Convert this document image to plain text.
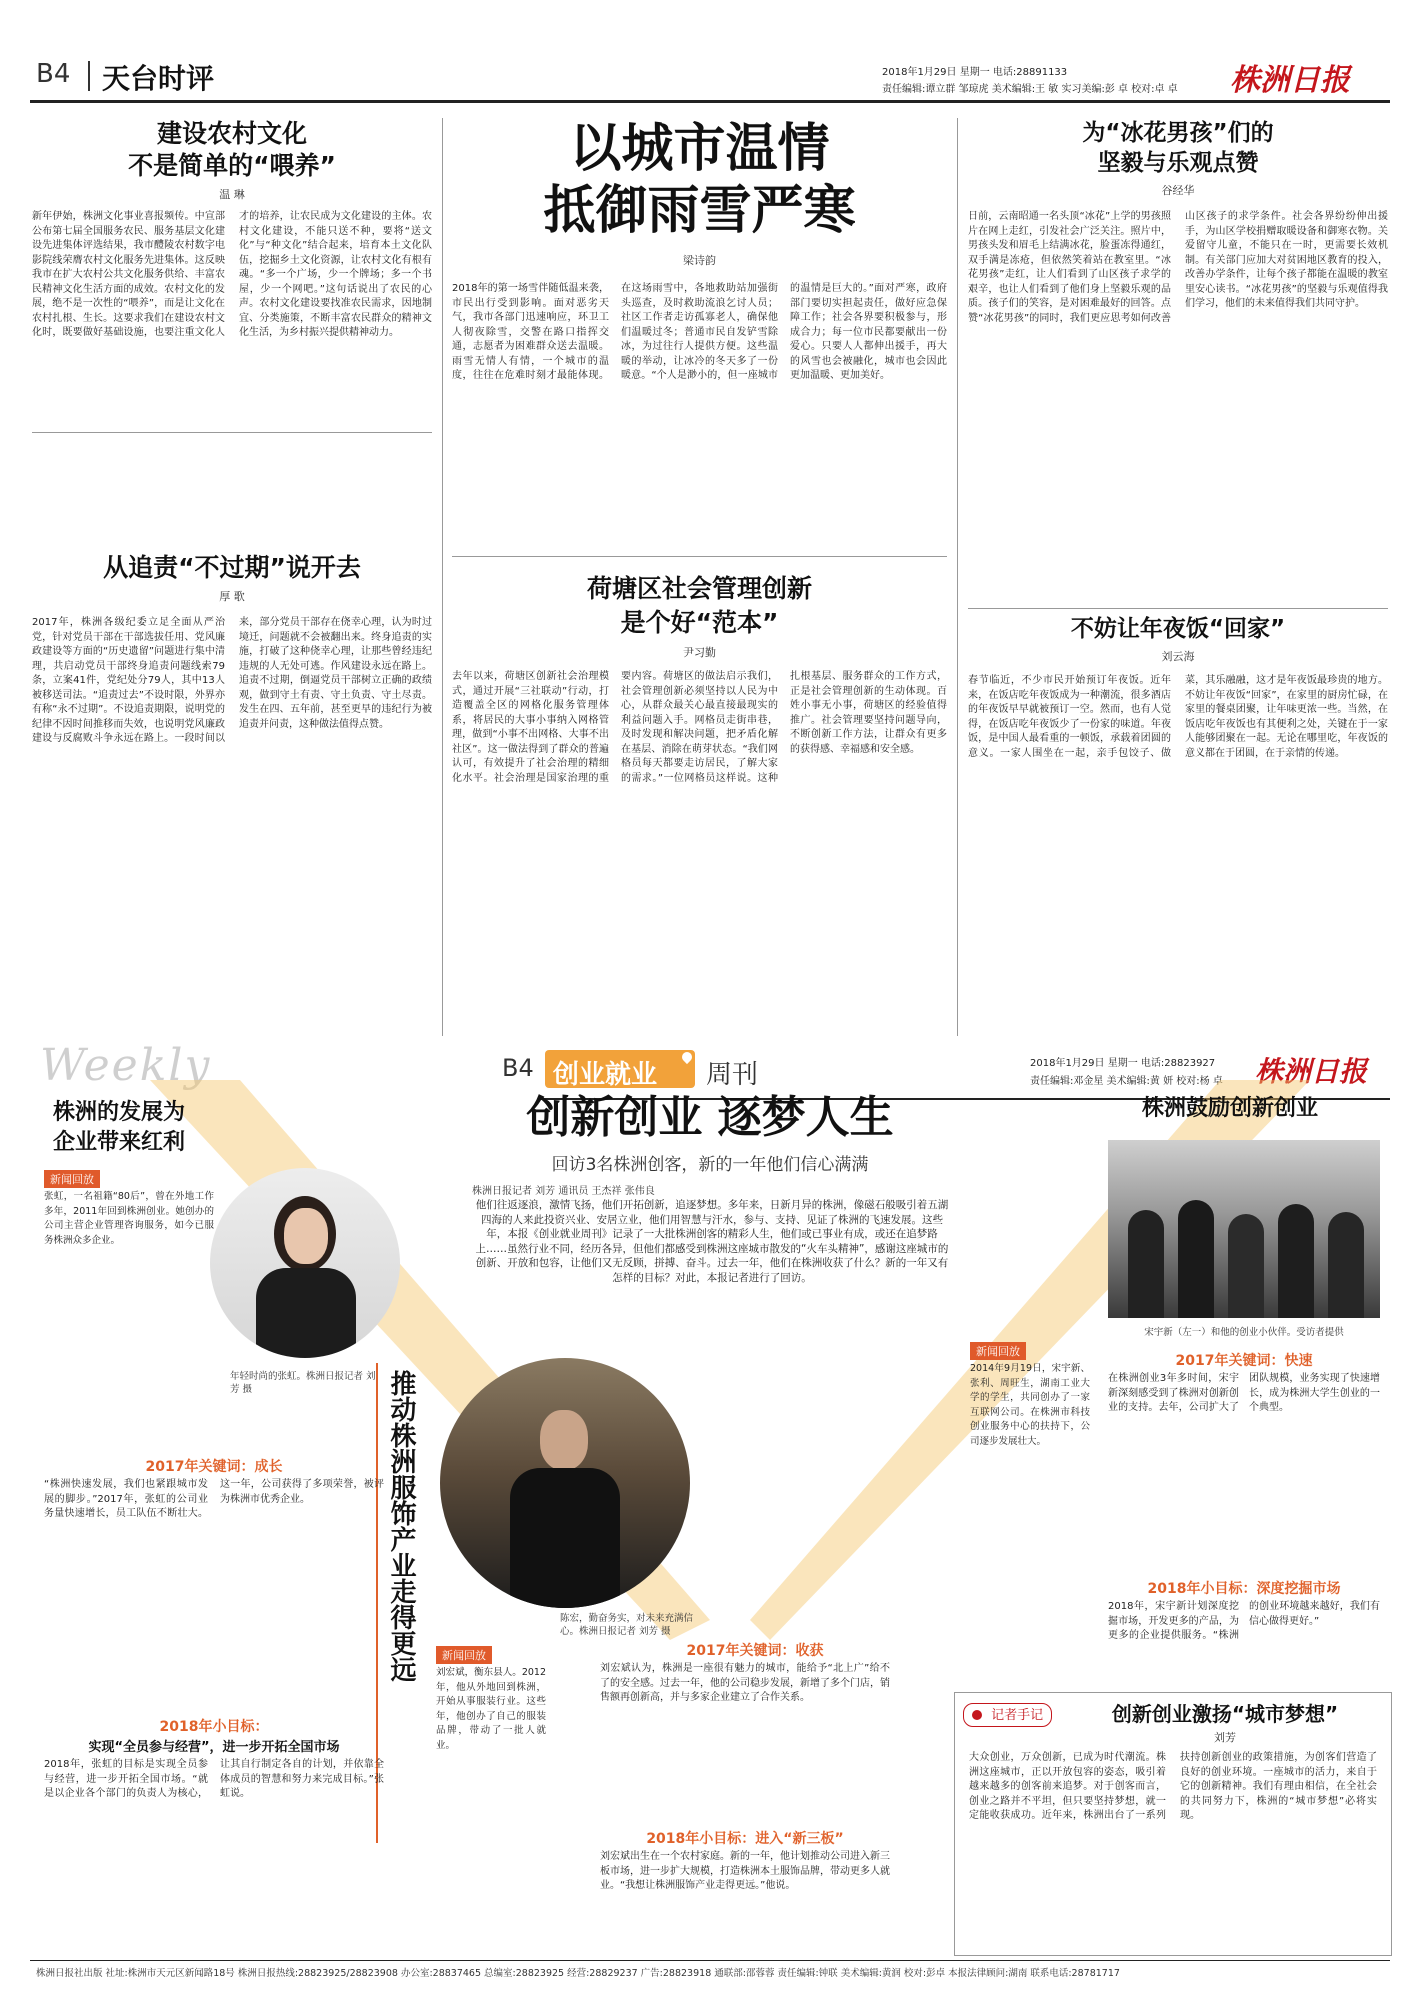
B4 天台时评	2018年1月29日 星期一 电话:28891133
责任编辑:谭立群 邹琼虎 美术编辑:王 敏 实习美编:彭 卓 校对:卓 卓 株洲日报
建设农村文化
不是简单的“喂养”
温 琳
新年伊始，株洲文化事业喜报频传。中宣部公布第七届全国服务农民、服务基层文化建设先进集体评选结果，我市醴陵农村数字电影院线荣膺农村文化服务先进集体。这反映我市在扩大农村公共文化服务供给、丰富农民精神文化生活方面的成效。农村文化的发展，绝不是一次性的“喂养”，而是让文化在农村扎根、生长。这要求我们在建设农村文化时，既要做好基础设施，也要注重文化人才的培养，让农民成为文化建设的主体。农村文化建设，不能只送不种，要将“送文化”与“种文化”结合起来，培育本土文化队伍，挖掘乡土文化资源，让农村文化有根有魂。“多一个广场，少一个牌场；多一个书屋，少一个网吧。”这句话说出了农民的心声。农村文化建设要找准农民需求，因地制宜、分类施策，不断丰富农民群众的精神文化生活，为乡村振兴提供精神动力。
从追责“不过期”说开去
厚 歌
2017年，株洲各级纪委立足全面从严治党，针对党员干部在干部选拔任用、党风廉政建设等方面的“历史遗留”问题进行集中清理，共启动党员干部终身追责问题线索79条，立案41件，党纪处分79人，其中13人被移送司法。“追责过去”不设时限，外界亦有称“永不过期”。不设追责期限，说明党的纪律不因时间推移而失效，也说明党风廉政建设与反腐败斗争永远在路上。一段时间以来，部分党员干部存在侥幸心理，认为时过境迁，问题就不会被翻出来。终身追责的实施，打破了这种侥幸心理，让那些曾经违纪违规的人无处可逃。作风建设永远在路上。追责不过期，倒逼党员干部树立正确的政绩观，做到守土有责、守土负责、守土尽责。发生在四、五年前，甚至更早的违纪行为被追责并问责，这种做法值得点赞。
以城市温情
抵御雨雪严寒
梁诗韵
2018年的第一场雪伴随低温来袭，市民出行受到影响。面对恶劣天气，我市各部门迅速响应，环卫工人彻夜除雪，交警在路口指挥交通，志愿者为困难群众送去温暖。雨雪无情人有情，一个城市的温度，往往在危难时刻才最能体现。在这场雨雪中，各地救助站加强街头巡查，及时救助流浪乞讨人员；社区工作者走访孤寡老人，确保他们温暖过冬；普通市民自发铲雪除冰，为过往行人提供方便。这些温暖的举动，让冰冷的冬天多了一份暖意。“个人是渺小的，但一座城市的温情是巨大的。”面对严寒，政府部门要切实担起责任，做好应急保障工作；社会各界要积极参与，形成合力；每一位市民都要献出一份爱心。只要人人都伸出援手，再大的风雪也会被融化，城市也会因此更加温暖、更加美好。
荷塘区社会管理创新
是个好“范本”
尹习勤
去年以来，荷塘区创新社会治理模式，通过开展“三社联动”行动，打造覆盖全区的网格化服务管理体系，将居民的大事小事纳入网格管理，做到“小事不出网格、大事不出社区”。这一做法得到了群众的普遍认可，有效提升了社会治理的精细化水平。社会治理是国家治理的重要内容。荷塘区的做法启示我们，社会管理创新必须坚持以人民为中心，从群众最关心最直接最现实的利益问题入手。网格员走街串巷，及时发现和解决问题，把矛盾化解在基层、消除在萌芽状态。“我们网格员每天都要走访居民，了解大家的需求。”一位网格员这样说。这种扎根基层、服务群众的工作方式，正是社会管理创新的生动体现。百姓小事无小事，荷塘区的经验值得推广。社会管理要坚持问题导向，不断创新工作方法，让群众有更多的获得感、幸福感和安全感。
为“冰花男孩”们的
坚毅与乐观点赞
谷经华
日前，云南昭通一名头顶“冰花”上学的男孩照片在网上走红，引发社会广泛关注。照片中，男孩头发和眉毛上结满冰花，脸蛋冻得通红，双手满是冻疮，但依然笑着站在教室里。“冰花男孩”走红，让人们看到了山区孩子求学的艰辛，也让人们看到了他们身上坚毅乐观的品质。孩子们的笑容，是对困难最好的回答。点赞“冰花男孩”的同时，我们更应思考如何改善山区孩子的求学条件。社会各界纷纷伸出援手，为山区学校捐赠取暖设备和御寒衣物。关爱留守儿童，不能只在一时，更需要长效机制。有关部门应加大对贫困地区教育的投入，改善办学条件，让每个孩子都能在温暖的教室里安心读书。“冰花男孩”的坚毅与乐观值得我们学习，他们的未来值得我们共同守护。
不妨让年夜饭“回家”
刘云海
春节临近，不少市民开始预订年夜饭。近年来，在饭店吃年夜饭成为一种潮流，很多酒店的年夜饭早早就被预订一空。然而，也有人觉得，在饭店吃年夜饭少了一份家的味道。年夜饭，是中国人最看重的一顿饭，承载着团圆的意义。一家人围坐在一起，亲手包饺子、做菜，其乐融融，这才是年夜饭最珍贵的地方。不妨让年夜饭“回家”，在家里的厨房忙碌，在家里的餐桌团聚，让年味更浓一些。当然，在饭店吃年夜饭也有其便利之处，关键在于一家人能够团聚在一起。无论在哪里吃，年夜饭的意义都在于团圆，在于亲情的传递。
Weekly	B4 创业就业 周刊	2018年1月29日 星期一 电话:28823927
责任编辑:邓金星 美术编辑:黄 妍 校对:杨 卓 株洲日报
创新创业 逐梦人生
回访3名株洲创客，新的一年他们信心满满
株洲日报记者 刘芳 通讯员 王杰祥 张伟良
他们往返逐浪，激情飞扬，他们开拓创新，追逐梦想。多年来，日新月异的株洲，像磁石般吸引着五湖四海的人来此投资兴业、安居立业，他们用智慧与汗水，参与、支持、见证了株洲的飞速发展。这些年，本报《创业就业周刊》记录了一大批株洲创客的精彩人生，他们或已事业有成，或还在追梦路上……虽然行业不同，经历各异，但他们都感受到株洲这座城市散发的“火车头精神”，感谢这座城市的创新、开放和包容，让他们又无反顾，拼搏、奋斗。过去一年，他们在株洲收获了什么？新的一年又有怎样的目标？对此，本报记者进行了回访。
推动株洲服饰产业走得更远	陈宏，勤奋务实，对未来充满信心。株洲日报记者 刘芳 摄
新闻回放
刘宏斌，衡东县人。2012年，他从外地回到株洲，开始从事服装行业。这些年，他创办了自己的服装品牌，带动了一批人就业。
2017年关键词：收获
刘宏斌认为，株洲是一座很有魅力的城市，能给予“北上广”给不了的安全感。过去一年，他的公司稳步发展，新增了多个门店，销售额再创新高，并与多家企业建立了合作关系。
2018年小目标：进入“新三板”
刘宏斌出生在一个农村家庭。新的一年，他计划推动公司进入新三板市场，进一步扩大规模，打造株洲本土服饰品牌，带动更多人就业。“我想让株洲服饰产业走得更远。”他说。
株洲的发展为
企业带来红利
新闻回放
张虹，一名祖籍“80后”，曾在外地工作多年，2011年回到株洲创业。她创办的公司主营企业管理咨询服务，如今已服务株洲众多企业。
年轻时尚的张虹。株洲日报记者 刘芳 摄
2017年关键词：成长
“株洲快速发展，我们也紧跟城市发展的脚步。”2017年，张虹的公司业务量快速增长，员工队伍不断壮大。这一年，公司获得了多项荣誉，被评为株洲市优秀企业。
2018年小目标：
实现“全员参与经营”，进一步开拓全国市场
2018年，张虹的目标是实现全员参与经营，进一步开拓全国市场。“就是以企业各个部门的负责人为核心，让其自行制定各自的计划，并依靠全体成员的智慧和努力来完成目标。”张虹说。
株洲鼓励创新创业
宋宇新（左一）和他的创业小伙伴。受访者提供
新闻回放
2014年9月19日，宋宇新、张利、周旺生，湖南工业大学的学生，共同创办了一家互联网公司。在株洲市科技创业服务中心的扶持下，公司逐步发展壮大。
2017年关键词：快速
在株洲创业3年多时间，宋宇新深刻感受到了株洲对创新创业的支持。去年，公司扩大了团队规模，业务实现了快速增长，成为株洲大学生创业的一个典型。
2018年小目标：深度挖掘市场
2018年，宋宇新计划深度挖掘市场，开发更多的产品，为更多的企业提供服务。“株洲的创业环境越来越好，我们有信心做得更好。”
记者手记	创新创业激扬“城市梦想”
刘芳
大众创业，万众创新，已成为时代潮流。株洲这座城市，正以开放包容的姿态，吸引着越来越多的创客前来追梦。对于创客而言，创业之路并不平坦，但只要坚持梦想，就一定能收获成功。近年来，株洲出台了一系列扶持创新创业的政策措施，为创客们营造了良好的创业环境。一座城市的活力，来自于它的创新精神。我们有理由相信，在全社会的共同努力下，株洲的“城市梦想”必将实现。
株洲日报社出版 社址:株洲市天元区新闻路18号 株洲日报热线:28823925/28823908 办公室:28837465 总编室:28823925 经营:28829237 广告:28823918 通联部:邵蓉蓉 责任编辑:钟联 美术编辑:黄润 校对:彭卓 本报法律顾问:湖南 联系电话:28781717
